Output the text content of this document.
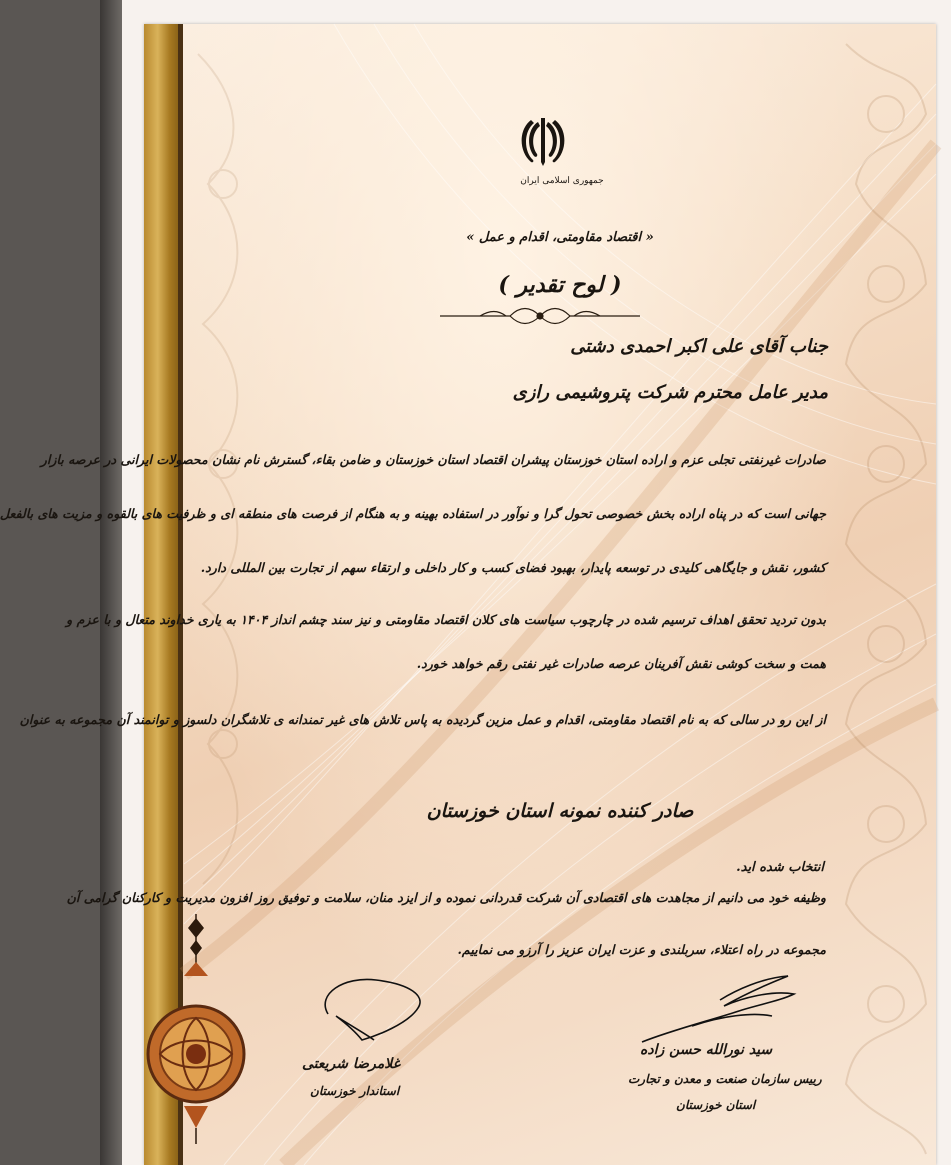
جمهوری اسلامی ایران
« اقتصاد مقاومتی، اقدام و عمل »
( لوح تقدیر )
جناب آقای علی اکبر احمدی دشتی
مدیر عامل محترم شرکت پتروشیمی رازی
صادرات غیرنفتی تجلی عزم و اراده استان خوزستان پیشران اقتصاد استان خوزستان و ضامن بقاء، گسترش نام نشان محصولات ایرانی در عرصه بازار
جهانی است که در پناه اراده بخش خصوصی تحول گرا و نوآور در استفاده بهینه و به هنگام از فرصت های منطقه ای و ظرفیت های بالقوه و مزیت های بالفعل
کشور، نقش و جایگاهی کلیدی در توسعه پایدار، بهبود فضای کسب و کار داخلی و ارتقاء سهم از تجارت بین المللی دارد.
بدون تردید تحقق اهداف ترسیم شده در چارچوب سیاست های کلان اقتصاد مقاومتی و نیز سند چشم انداز ۱۴۰۴ به یاری خداوند متعال و با عزم و
همت و سخت کوشی نقش آفرینان عرصه صادرات غیر نفتی رقم خواهد خورد.
از این رو در سالی که به نام اقتصاد مقاومتی، اقدام و عمل مزین گردیده به پاس تلاش های غیر تمندانه ی تلاشگران دلسوز و توانمند آن مجموعه به عنوان
صادر کننده نمونه استان خوزستان
انتخاب شده اید.
وظیفه خود می دانیم از مجاهدت های اقتصادی آن شرکت قدردانی نموده و از ایزد منان، سلامت و توفیق روز افزون مدیریت و کارکنان گرامی آن
مجموعه در راه اعتلاء، سربلندی و عزت ایران عزیز را آرزو می نماییم.
غلامرضا شریعتی
استاندار خوزستان
سید نورالله حسن زاده
رییس سازمان صنعت و معدن و تجارت
استان خوزستان
